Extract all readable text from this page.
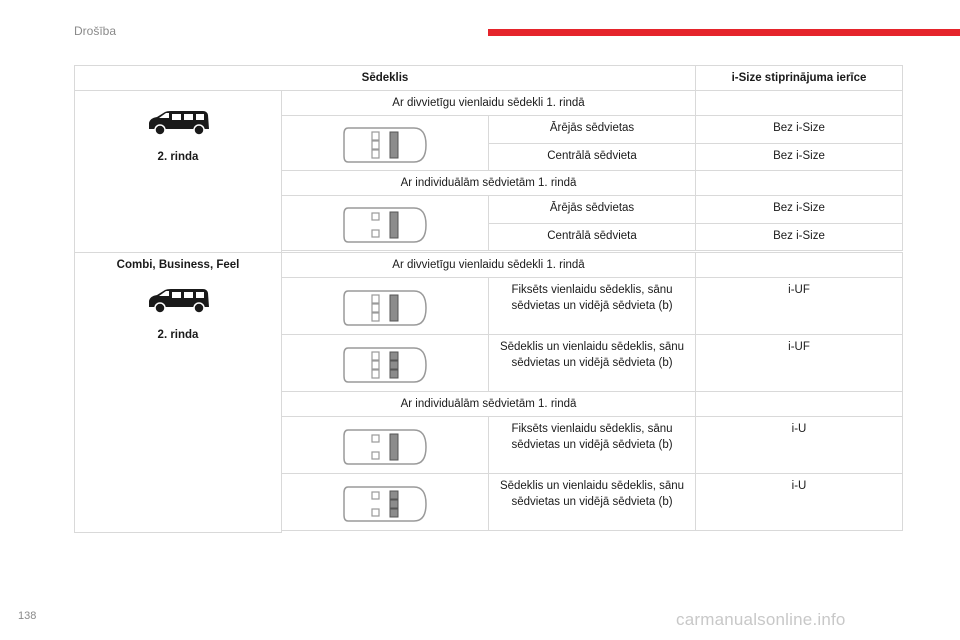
Drošība
Sēdeklis			i-Size stiprinājuma ierīce

2. rinda	Ar divvietīgu vienlaidu sēdekli 1. rindā		

	Ārējās sēdvietas	Bez i-Size
		Centrālā sēdvieta	Bez i-Size
	Ar individuālām sēdvietām 1. rindā		

	Ārējās sēdvietas	Bez i-Size
		Centrālā sēdvieta	Bez i-Size

Combi, Business, Feel
2. rinda	Ar divvietīgu vienlaidu sēdekli 1. rindā		

	Fiksēts vienlaidu sēdeklis, sānu sēdvietas un vidējā sēdvieta (b)	i-UF

	Sēdeklis un vienlaidu sēdeklis, sānu sēdvietas un vidējā sēdvieta (b)	i-UF
	Ar individuālām sēdvietām 1. rindā		

	Fiksēts vienlaidu sēdeklis, sānu sēdvietas un vidējā sēdvieta (b)	i-U

	Sēdeklis un vienlaidu sēdeklis, sānu sēdvietas un vidējā sēdvieta (b)	i-U

138	carmanualsonline.info
